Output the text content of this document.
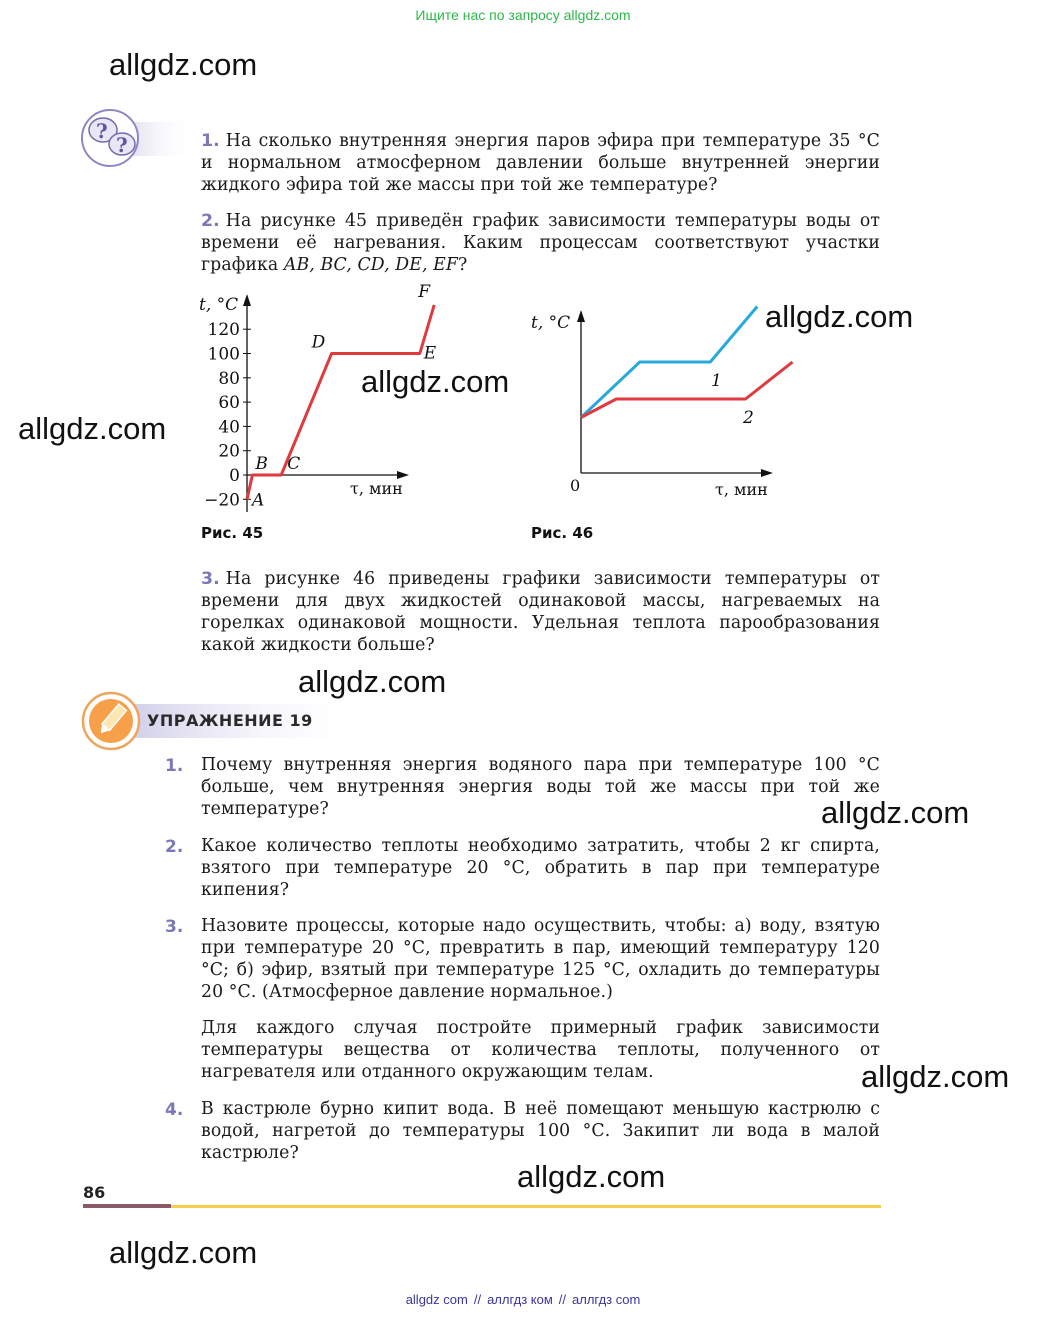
Ищите нас по запросу allgdz.com
allgdz.com
allgdz.com
allgdz.com
allgdz.com
allgdz.com
allgdz.com
allgdz.com
allgdz.com
allgdz.com
?
?	1. На сколько внутренняя энергия паров эфира при температуре 35 °С и нормальном атмосферном давлении больше внутренней энергии жидкого эфира той же массы при той же температуре?
2. На рисунке 45 приведён график зависимости температуры воды от времени её нагревания. Каким процессам соответствуют участки графика AB, BC, CD, DE, EF?
−20
0
20
40
60
80
100
120
t, °C
τ, мин
A
B C
D
E
F
Рис. 45
t, °C
0	τ, мин
1
2
Рис. 46
3. На рисунке 46 приведены графики зависимости температуры от времени для двух жидкостей одинаковой массы, нагреваемых на горелках одинаковой мощности. Удельная теплота парообразования какой жидкости больше?
УПРАЖНЕНИЕ 19
1. Почему внутренняя энергия водяного пара при температуре 100 °С больше, чем внутренняя энергия воды той же массы при той же температуре?
2. Какое количество теплоты необходимо затратить, чтобы 2 кг спирта, взятого при температуре 20 °С, обратить в пар при температуре кипения?
3. Назовите процессы, которые надо осуществить, чтобы: а) воду, взятую при температуре 20 °С, превратить в пар, имеющий температуру 120 °С; б) эфир, взятый при температуре 125 °С, охладить до температуры 20 °С. (Атмосферное давление нормальное.)
Для каждого случая постройте примерный график зависимости температуры вещества от количества теплоты, полученного от нагревателя или отданного окружающим телам.
4. В кастрюле бурно кипит вода. В неё помещают меньшую кастрюлю с водой, нагретой до температуры 100 °С. Закипит ли вода в малой кастрюле?
86
allgdz com // аллгдз ком // аллгдз com
